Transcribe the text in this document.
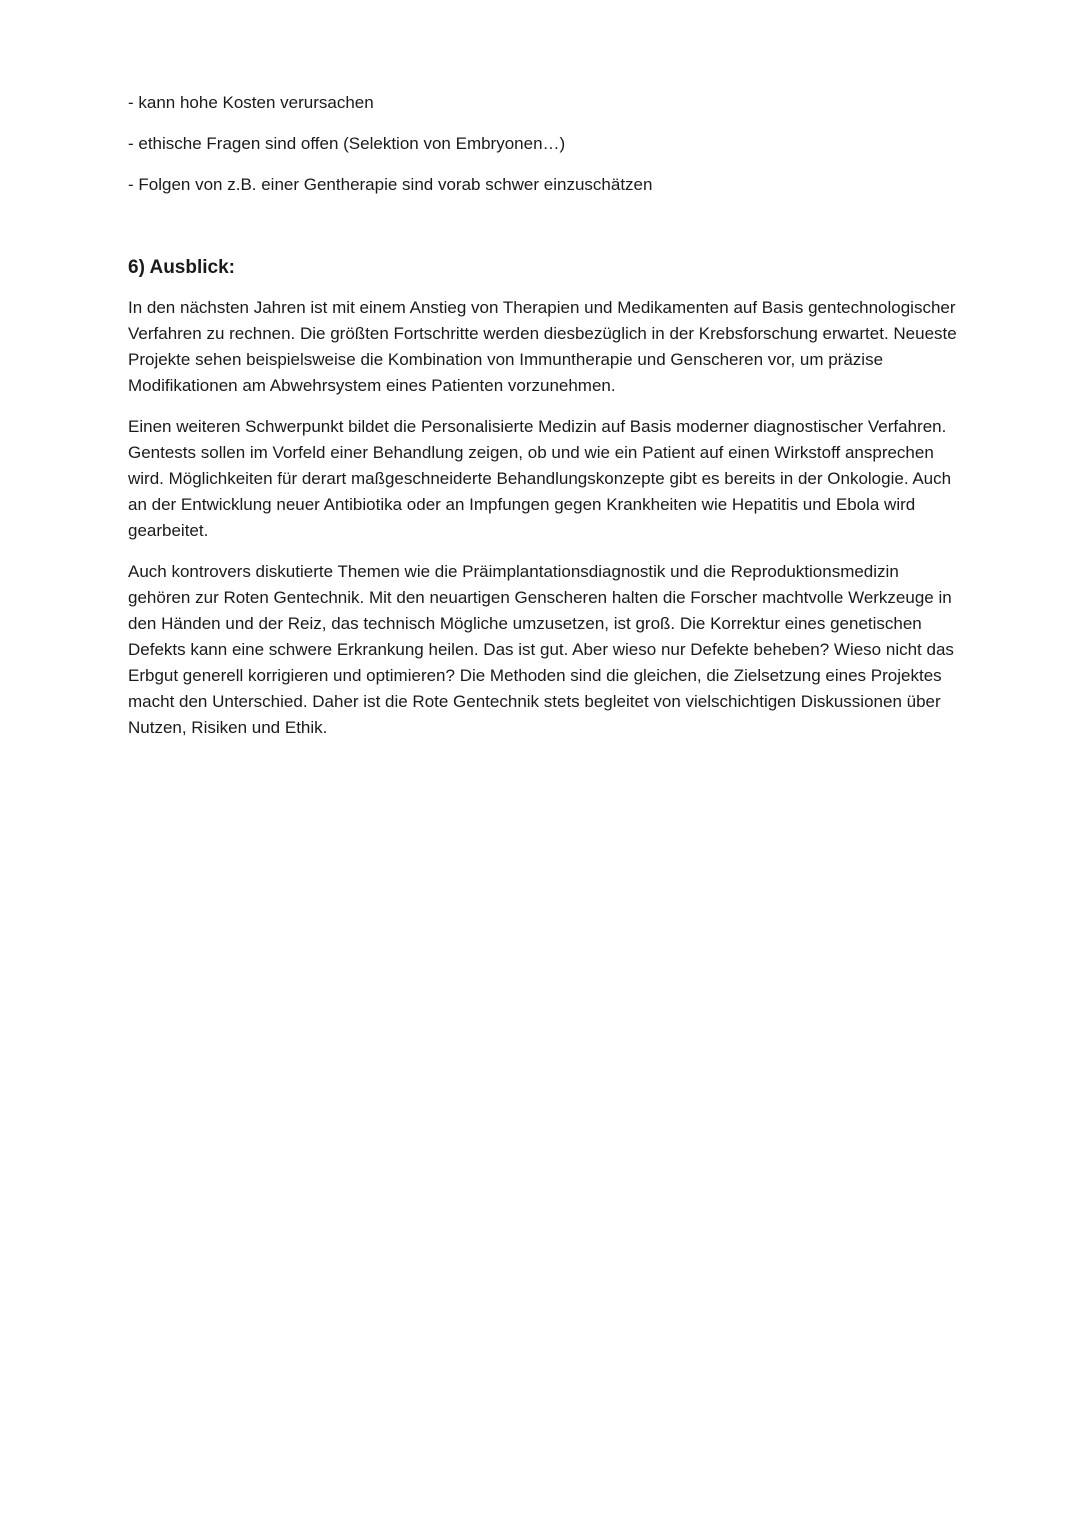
- kann hohe Kosten verursachen
- ethische Fragen sind offen (Selektion von Embryonen…)
- Folgen von z.B. einer Gentherapie sind vorab schwer einzuschätzen
6) Ausblick:

In den nächsten Jahren ist mit einem Anstieg von Therapien und Medikamenten auf Basis gentechnologischer Verfahren zu rechnen. Die größten Fortschritte werden diesbezüglich in der Krebsforschung erwartet. Neueste Projekte sehen beispielsweise die Kombination von Immuntherapie und Genscheren vor, um präzise Modifikationen am Abwehrsystem eines Patienten vorzunehmen.

Einen weiteren Schwerpunkt bildet die Personalisierte Medizin auf Basis moderner diagnostischer Verfahren. Gentests sollen im Vorfeld einer Behandlung zeigen, ob und wie ein Patient auf einen Wirkstoff ansprechen wird. Möglichkeiten für derart maßgeschneiderte Behandlungskonzepte gibt es bereits in der Onkologie. Auch an der Entwicklung neuer Antibiotika oder an Impfungen gegen Krankheiten wie Hepatitis und Ebola wird gearbeitet.

Auch kontrovers diskutierte Themen wie die Präimplantationsdiagnostik und die Reproduktionsmedizin gehören zur Roten Gentechnik. Mit den neuartigen Genscheren halten die Forscher machtvolle Werkzeuge in den Händen und der Reiz, das technisch Mögliche umzusetzen, ist groß. Die Korrektur eines genetischen Defekts kann eine schwere Erkrankung heilen. Das ist gut. Aber wieso nur Defekte beheben? Wieso nicht das Erbgut generell korrigieren und optimieren? Die Methoden sind die gleichen, die Zielsetzung eines Projektes macht den Unterschied. Daher ist die Rote Gentechnik stets begleitet von vielschichtigen Diskussionen über Nutzen, Risiken und Ethik.
